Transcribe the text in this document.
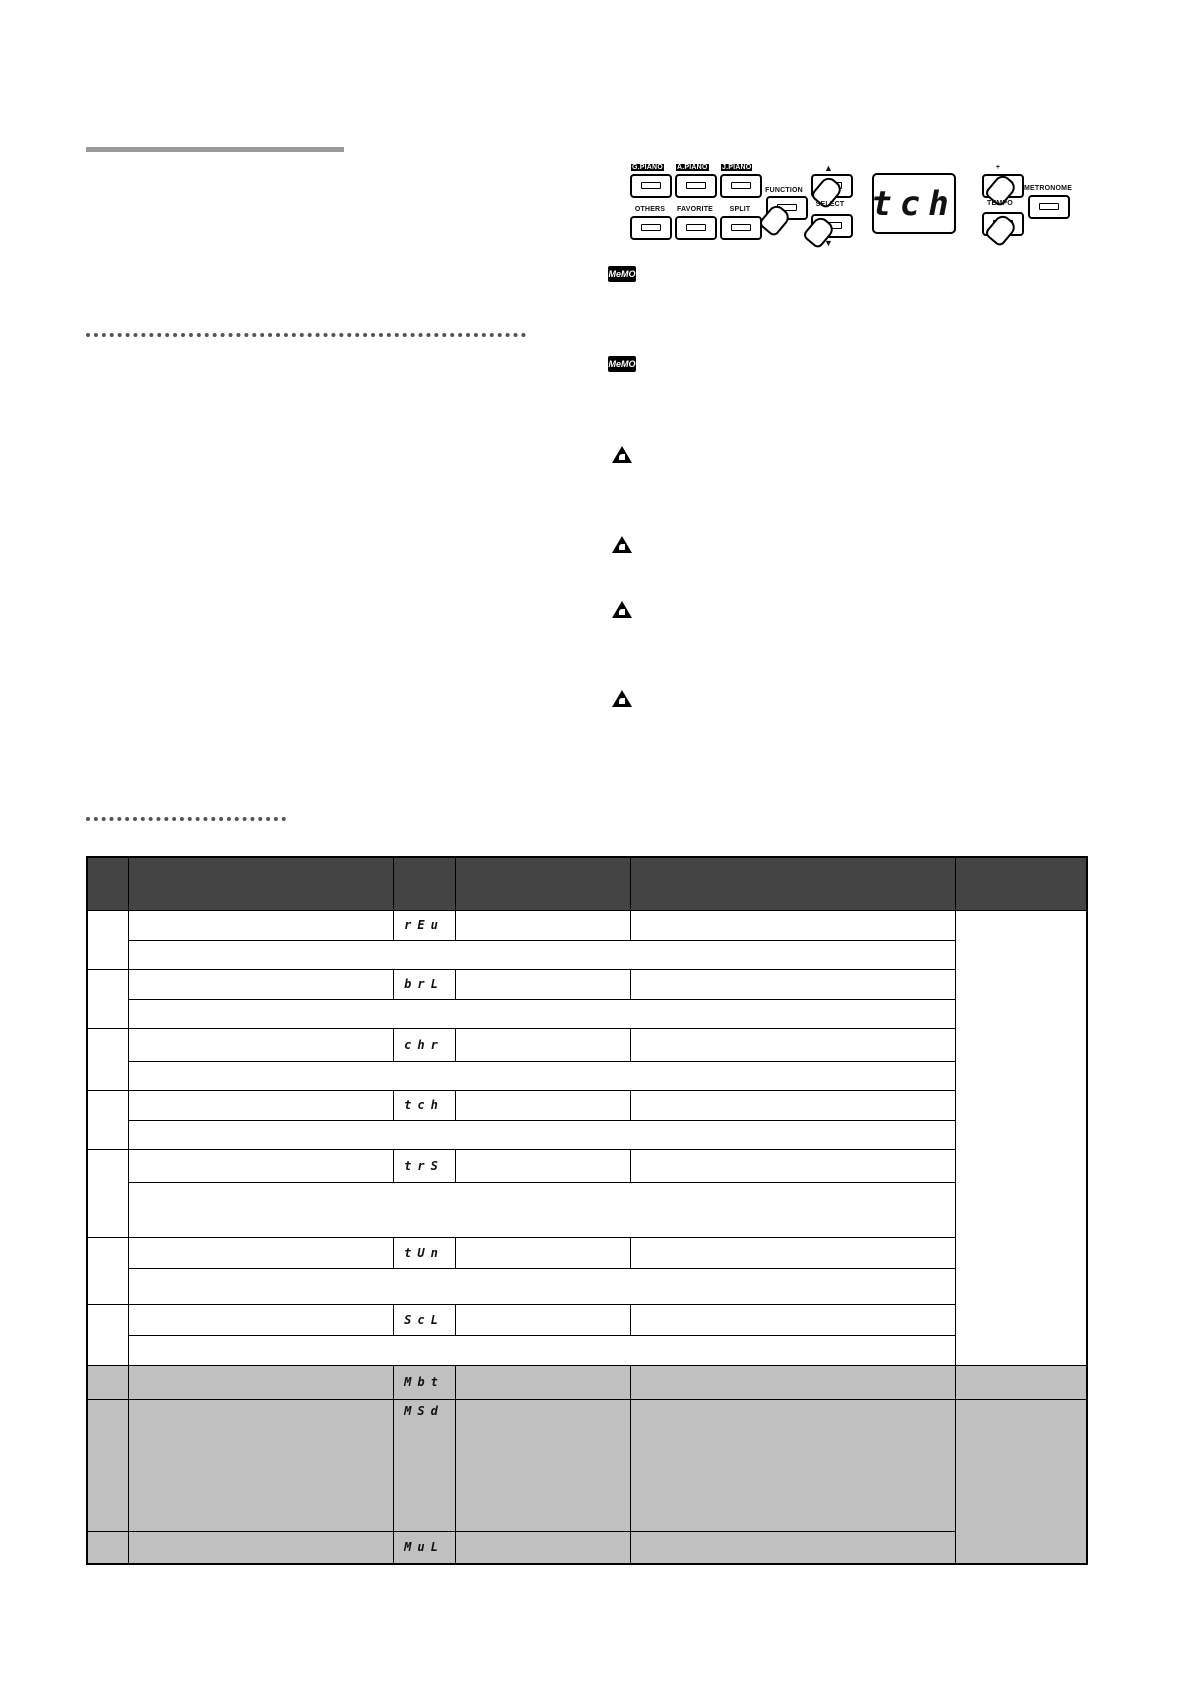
G.PIANO A.PIANO J.PIANO
OTHERS	FAVORITE	SPLIT
FUNCTION
▲
SELECT
▼
tch
+
TEMPO
METRONOME
MeMO
MeMO

		rEu			

		brL			

		chr			

		tch			

		trS			

		tUn			

		ScL			

		Mbt			
		MSd			
		MuL			
